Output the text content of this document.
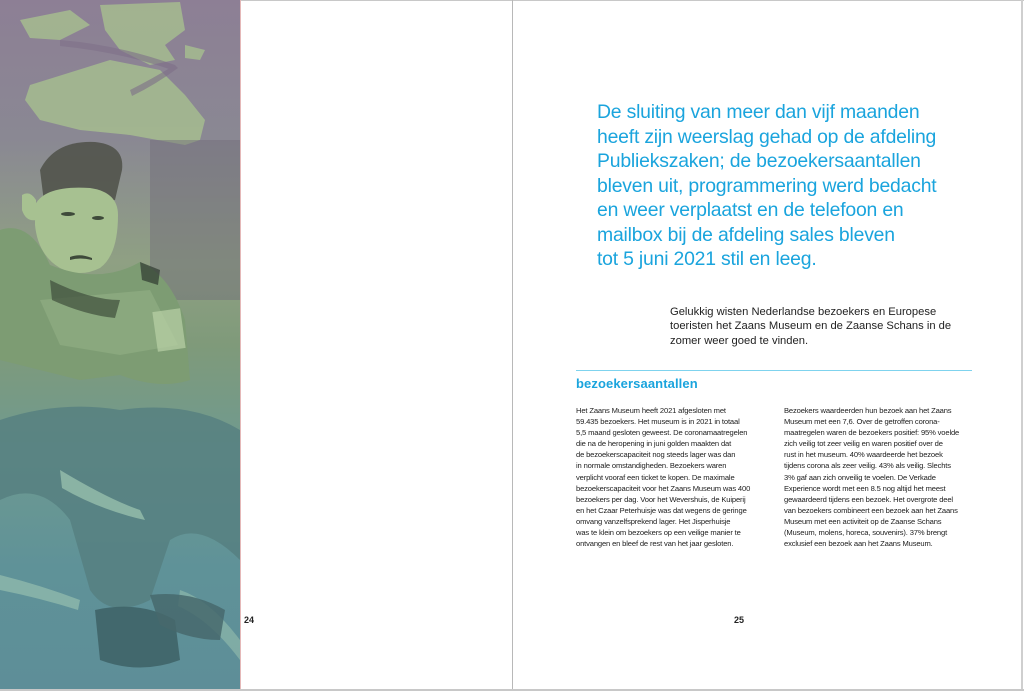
24	25
De sluiting van meer dan vijf maanden
heeft zijn weerslag gehad op de afdeling
Publiekszaken; de bezoekersaantallen
bleven uit, programmering werd bedacht
en weer verplaatst en de telefoon en
mailbox bij de afdeling sales bleven
tot 5 juni 2021 stil en leeg.
Gelukkig wisten Nederlandse bezoekers en Europese
toeristen het Zaans Museum en de Zaanse Schans in de
zomer weer goed te vinden.
bezoekersaantallen
Het Zaans Museum heeft 2021 afgesloten met
59.435 bezoekers. Het museum is in 2021 in totaal
5,5 maand gesloten geweest. De coronamaatregelen
die na de heropening in juni golden maakten dat
de bezoekerscapaciteit nog steeds lager was dan
in normale omstandigheden. Bezoekers waren
verplicht vooraf een ticket te kopen. De maximale
bezoekerscapaciteit voor het Zaans Museum was 400
bezoekers per dag. Voor het Wevershuis, de Kuiperij
en het Czaar Peterhuisje was dat wegens de geringe
omvang vanzelfsprekend lager. Het Jisperhuisje
was te klein om bezoekers op een veilige manier te
ontvangen en bleef de rest van het jaar gesloten.
Bezoekers waardeerden hun bezoek aan het Zaans
Museum met een 7,6. Over de getroffen corona-
maatregelen waren de bezoekers positief: 95% voelde
zich veilig tot zeer veilig en waren positief over de
rust in het museum. 40% waardeerde het bezoek
tijdens corona als zeer veilig. 43% als veilig. Slechts
3% gaf aan zich onveilig te voelen. De Verkade
Experience wordt met een 8.5 nog altijd het meest
gewaardeerd tijdens een bezoek. Het overgrote deel
van bezoekers combineert een bezoek aan het Zaans
Museum met een activiteit op de Zaanse Schans
(Museum, molens, horeca, souvenirs). 37% brengt
exclusief een bezoek aan het Zaans Museum.
